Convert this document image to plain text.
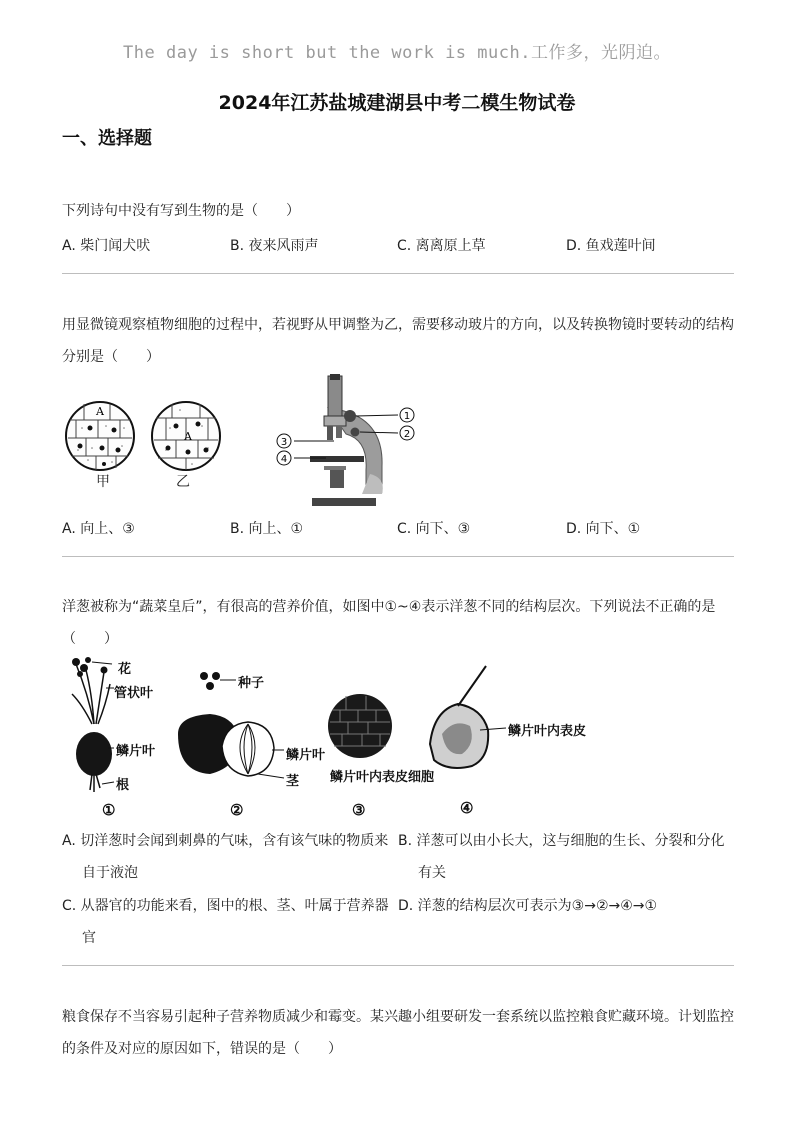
The day is short but the work is much.工作多，光阴迫。
2024年江苏盐城建湖县中考二模生物试卷
一、选择题
下列诗句中没有写到生物的是（　　）
A. 柴门闻犬吠	B. 夜来风雨声	C. 离离原上草	D. 鱼戏莲叶间
用显微镜观察植物细胞的过程中，若视野从甲调整为乙，需要移动玻片的方向，以及转换物镜时要转动的结构
分别是（　　）
A
A
甲	乙
1
2
3
4
A. 向上、③	B. 向上、①	C. 向下、③	D. 向下、①
洋葱被称为“蔬菜皇后”，有很高的营养价值，如图中①~④表示洋葱不同的结构层次。下列说法不正确的是
（　　）
花
管状叶
鳞片叶
根
种子
鳞片叶
茎 鳞片叶内表皮细胞
鳞片叶内表皮
①	②	③	④
A. 切洋葱时会闻到刺鼻的气味，含有该气味的物质来
自于液泡
B. 洋葱可以由小长大，这与细胞的生长、分裂和分化
有关
C. 从器官的功能来看，图中的根、茎、叶属于营养器
官
D. 洋葱的结构层次可表示为③→②→④→①
粮食保存不当容易引起种子营养物质减少和霉变。某兴趣小组要研发一套系统以监控粮食贮藏环境。计划监控
的条件及对应的原因如下，错误的是（　　）
